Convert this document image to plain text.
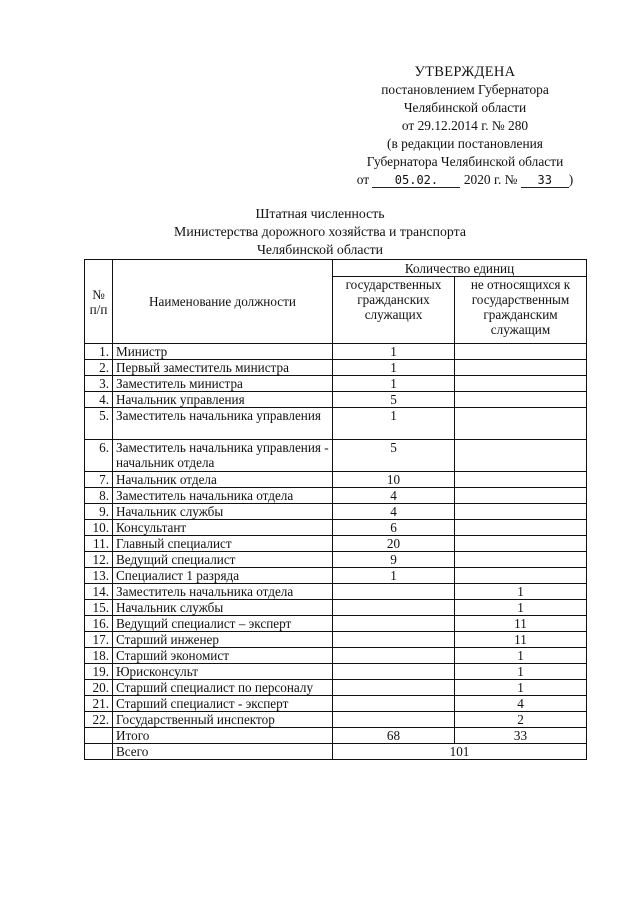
УТВЕРЖДЕНА
постановлением Губернатора
Челябинской области
от 29.12.2014 г. № 280
(в редакции постановления
Губернатора Челябинской области
от 05.02. 2020 г. № 33 )
Штатная численность
Министерства дорожного хозяйства и транспорта
Челябинской области
№ п/п	Наименование должности	Количество единиц	
		государственных гражданских служащих	не относящихся к государственным гражданским служащим
1.	Министр	1	
2.	Первый заместитель министра	1	
3.	Заместитель министра	1	
4.	Начальник управления	5	
5.	Заместитель начальника управления	1	
6.	Заместитель начальника управления - начальник отдела	5	
7.	Начальник отдела	10	
8.	Заместитель начальника отдела	4	
9.	Начальник службы	4	
10.	Консультант	6	
11.	Главный специалист	20	
12.	Ведущий специалист	9	
13.	Специалист 1 разряда	1	
14.	Заместитель начальника отдела		1
15.	Начальник службы		1
16.	Ведущий специалист – эксперт		11
17.	Старший инженер		11
18.	Старший экономист		1
19.	Юрисконсульт		1
20.	Старший специалист по персоналу		1
21.	Старший специалист - эксперт		4
22.	Государственный инспектор		2
	Итого	68	33
	Всего	101	
